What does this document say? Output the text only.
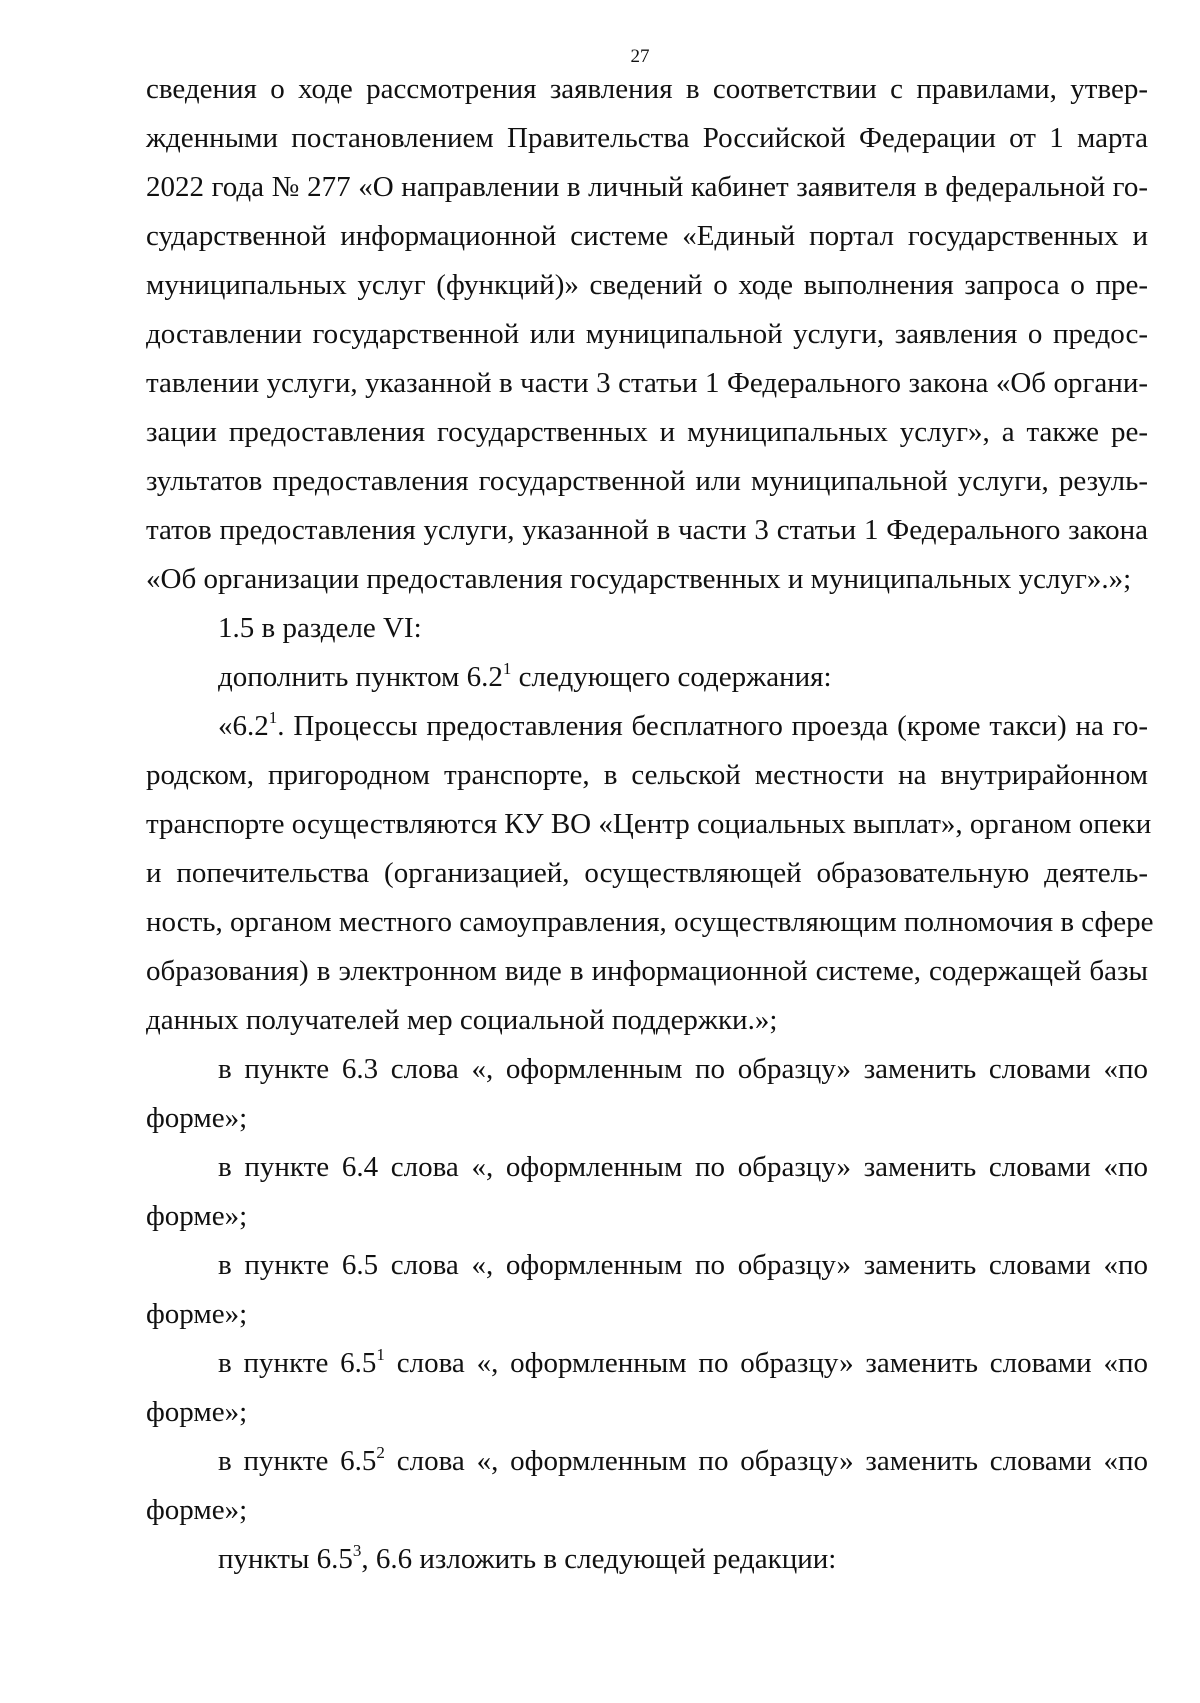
27
сведения о ходе рассмотрения заявления в соответствии с правилами, утвер-
жденными постановлением Правительства Российской Федерации от 1 марта
2022 года № 277 «О направлении в личный кабинет заявителя в федеральной го-
сударственной информационной системе «Единый портал государственных и
муниципальных услуг (функций)» сведений о ходе выполнения запроса о пре-
доставлении государственной или муниципальной услуги, заявления о предос-
тавлении услуги, указанной в части 3 статьи 1 Федерального закона «Об органи-
зации предоставления государственных и муниципальных услуг», а также ре-
зультатов предоставления государственной или муниципальной услуги, резуль-
татов предоставления услуги, указанной в части 3 статьи 1 Федерального закона
«Об организации предоставления государственных и муниципальных услуг».»;
1.5 в разделе VI:
дополнить пунктом $6.2^1$ следующего содержания:
«$6.2^1$. Процессы предоставления бесплатного проезда (кроме такси) на го-
родском, пригородном транспорте, в сельской местности на внутрирайонном
транспорте осуществляются КУ ВО «Центр социальных выплат», органом опеки
и попечительства (организацией, осуществляющей образовательную деятель-
ность, органом местного самоуправления, осуществляющим полномочия в сфере
образования) в электронном виде в информационной системе, содержащей базы
данных получателей мер социальной поддержки.»;
в пункте 6.3 слова «, оформленным по образцу» заменить словами «по
форме»;
в пункте 6.4 слова «, оформленным по образцу» заменить словами «по
форме»;
в пункте 6.5 слова «, оформленным по образцу» заменить словами «по
форме»;
в пункте $6.5^1$ слова «, оформленным по образцу» заменить словами «по
форме»;
в пункте $6.5^2$ слова «, оформленным по образцу» заменить словами «по
форме»;
пункты $6.5^3$, 6.6 изложить в следующей редакции:
